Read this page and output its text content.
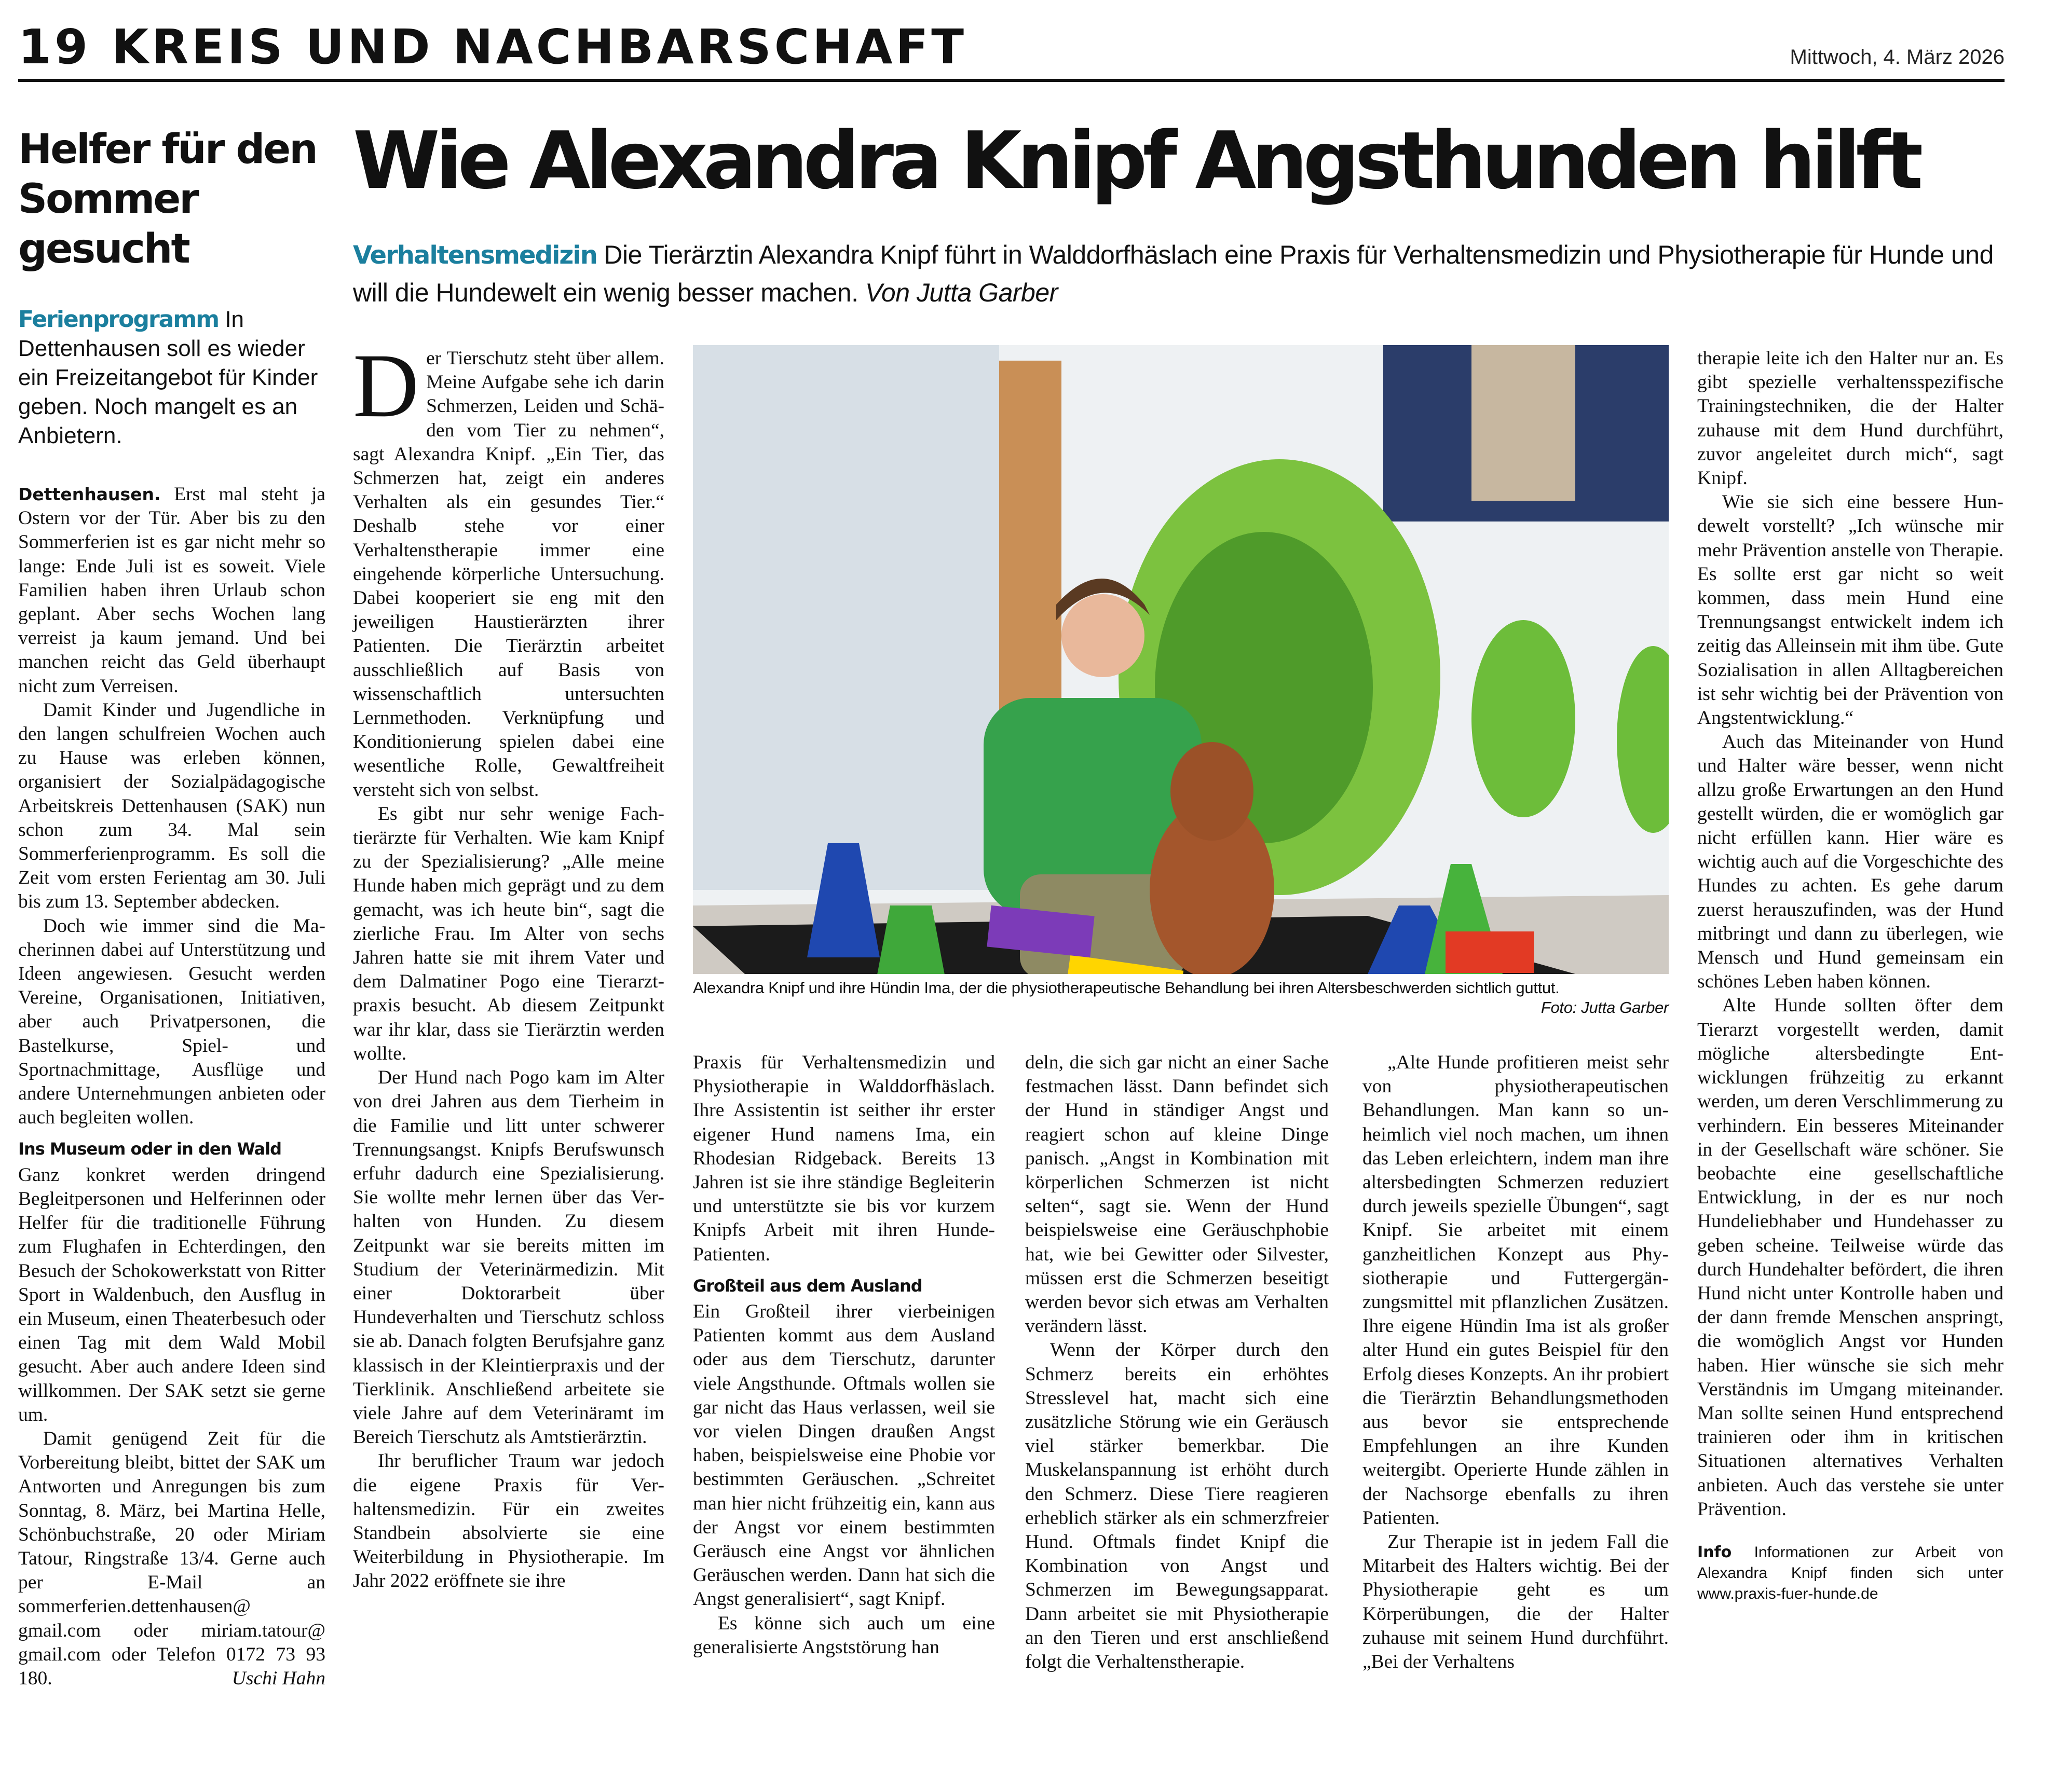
19 KREIS UND NACHBARSCHAFT	Mittwoch, 4. März 2026
Helfer für den Sommer gesucht
Ferienprogramm In Dettenhausen soll es wieder ein Freizeitangebot für Kinder geben. Noch mangelt es an Anbietern.

Dettenhausen. Erst mal steht ja Ostern vor der Tür. Aber bis zu den Sommerferien ist es gar nicht mehr so lange: Ende Juli ist es soweit. Viele Familien haben ihren Urlaub schon geplant. Aber sechs Wochen lang verreist ja kaum jemand. Und bei manchen reicht das Geld überhaupt nicht zum Verreisen.

Damit Kinder und Jugendliche in den langen schulfreien Wochen auch zu Hause was erleben können, organisiert der Sozialpädagogische Arbeitskreis Dettenhausen (SAK) nun schon zum 34. Mal sein Sommerferienprogramm. Es soll die Zeit vom ersten Ferientag am 30. Juli bis zum 13. September abdecken.

Doch wie immer sind die Macherinnen dabei auf Unterstützung und Ideen angewiesen. Gesucht werden Vereine, Organisationen, Initiativen, aber auch Privatpersonen, die Bastelkurse, Spiel- und Sportnachmittage, Ausflüge und andere Unternehmungen anbieten oder auch begleiten wollen.

Ins Museum oder in den Wald

Ganz konkret werden dringend Begleitpersonen und Helferinnen oder Helfer für die traditionelle Führung zum Flughafen in Echterdingen, den Besuch der Schokowerkstatt von Ritter Sport in Waldenbuch, den Ausflug in ein Museum, einen Theaterbesuch oder einen Tag mit dem Wald Mobil gesucht. Aber auch andere Ideen sind willkommen. Der SAK setzt sie gerne um.

Damit genügend Zeit für die Vorbereitung bleibt, bittet der SAK um Antworten und Anregungen bis zum Sonntag, 8. März, bei Martina Helle, Schönbuchstraße, 20 oder Miriam Tatour, Ringstraße 13/4. Gerne auch per E-Mail an sommerferien.dettenhausen@ gmail.com oder miriam.tatour@ gmail.com oder Telefon 0172 73 93 180.	Uschi Hahn

Wie Alexandra Knipf Angsthunden hilft
Verhaltensmedizin Die Tierärztin Alexandra Knipf führt in Walddorfhäslach eine Praxis für Verhaltensmedizin und Physiotherapie für Hunde und will die Hundewelt ein wenig besser machen. Von Jutta Garber

Der Tierschutz steht über allem. Meine Aufgabe sehe ich darin Schmerzen, Leiden und Schäden vom Tier zu nehmen“, sagt Alexandra Knipf. „Ein Tier, das Schmerzen hat, zeigt ein anderes Verhalten als ein gesundes Tier.“ Deshalb stehe vor einer Verhaltenstherapie immer eine eingehende körperliche Untersuchung. Dabei kooperiert sie eng mit den jeweiligen Haustierärzten ihrer Patienten. Die Tierärztin arbeitet ausschließlich auf Basis von wissenschaftlich untersuchten Lernmethoden. Verknüpfung und Konditionierung spielen dabei eine wesentliche Rolle, Gewaltfreiheit versteht sich von selbst.

Es gibt nur sehr wenige Fachtierärzte für Verhalten. Wie kam Knipf zu der Spezialisierung? „Alle meine Hunde haben mich geprägt und zu dem gemacht, was ich heute bin“, sagt die zierliche Frau. Im Alter von sechs Jahren hatte sie mit ihrem Vater und dem Dalmatiner Pogo eine Tierarztpraxis besucht. Ab diesem Zeitpunkt war ihr klar, dass sie Tierärztin werden wollte.

Der Hund nach Pogo kam im Alter von drei Jahren aus dem Tierheim in die Familie und litt unter schwerer Trennungsangst. Knipfs Berufswunsch erfuhr dadurch eine Spezialisierung. Sie wollte mehr lernen über das Verhalten von Hunden. Zu diesem Zeitpunkt war sie bereits mitten im Studium der Veterinärmedizin. Mit einer Doktorarbeit über Hundeverhalten und Tierschutz schloss sie ab. Danach folgten Berufsjahre ganz klassisch in der Kleintierpraxis und der Tierklinik. Anschließend arbeitete sie viele Jahre auf dem Veterinäramt im Bereich Tierschutz als Amtstierärztin.

Ihr beruflicher Traum war jedoch die eigene Praxis für Verhaltensmedizin. Für ein zweites Standbein absolvierte sie eine Weiterbildung in Physiotherapie. Im Jahr 2022 eröffnete sie ihre

Alexandra Knipf und ihre Hündin Ima, der die physiotherapeutische Behandlung bei ihren Altersbeschwerden sichtlich guttut.
Foto: Jutta Garber

Praxis für Verhaltensmedizin und Physiotherapie in Walddorfhäslach. Ihre Assistentin ist seither ihr erster eigener Hund namens Ima, ein Rhodesian Ridgeback. Bereits 13 Jahren ist sie ihre ständige Begleiterin und unterstützte sie bis vor kurzem Knipfs Arbeit mit ihren Hunde-Patienten.

Großteil aus dem Ausland

Ein Großteil ihrer vierbeinigen Patienten kommt aus dem Ausland oder aus dem Tierschutz, darunter viele Angsthunde. Oftmals wollen sie gar nicht das Haus verlassen, weil sie vor vielen Dingen draußen Angst haben, beispielsweise eine Phobie vor bestimmten Geräuschen. „Schreitet man hier nicht frühzeitig ein, kann aus der Angst vor einem bestimmten Geräusch eine Angst vor ähnlichen Geräuschen werden. Dann hat sich die Angst generalisiert“, sagt Knipf.

Es könne sich auch um eine generalisierte Angststörung han

deln, die sich gar nicht an einer Sache festmachen lässt. Dann befindet sich der Hund in ständiger Angst und reagiert schon auf kleine Dinge panisch. „Angst in Kombination mit körperlichen Schmerzen ist nicht selten“, sagt sie. Wenn der Hund beispielsweise eine Geräuschphobie hat, wie bei Gewitter oder Silvester, müssen erst die Schmerzen beseitigt werden bevor sich etwas am Verhalten verändern lässt.

Wenn der Körper durch den Schmerz bereits ein erhöhtes Stresslevel hat, macht sich eine zusätzliche Störung wie ein Geräusch viel stärker bemerkbar. Die Muskelanspannung ist erhöht durch den Schmerz. Diese Tiere reagieren erheblich stärker als ein schmerzfreier Hund. Oftmals findet Knipf die Kombination von Angst und Schmerzen im Bewegungsapparat. Dann arbeitet sie mit Physiotherapie an den Tieren und erst anschließend folgt die Verhaltenstherapie.

„Alte Hunde profitieren meist sehr von physiotherapeutischen Behandlungen. Man kann so unheimlich viel noch machen, um ihnen das Leben erleichtern, indem man ihre altersbedingten Schmerzen reduziert durch jeweils spezielle Übungen“, sagt Knipf. Sie arbeitet mit einem ganzheitlichen Konzept aus Physiotherapie und Futtergergänzungsmittel mit pflanzlichen Zusätzen. Ihre eigene Hündin Ima ist als großer alter Hund ein gutes Beispiel für den Erfolg dieses Konzepts. An ihr probiert die Tierärztin Behandlungsmethoden aus bevor sie entsprechende Empfehlungen an ihre Kunden weitergibt. Operierte Hunde zählen in der Nachsorge ebenfalls zu ihren Patienten.

Zur Therapie ist in jedem Fall die Mitarbeit des Halters wichtig. Bei der Physiotherapie geht es um Körperübungen, die der Halter zuhause mit seinem Hund durchführt. „Bei der Verhaltens

therapie leite ich den Halter nur an. Es gibt spezielle verhaltensspezifische Trainingstechniken, die der Halter zuhause mit dem Hund durchführt, zuvor angeleitet durch mich“, sagt Knipf.

Wie sie sich eine bessere Hundewelt vorstellt? „Ich wünsche mir mehr Prävention anstelle von Therapie. Es sollte erst gar nicht so weit kommen, dass mein Hund eine Trennungsangst entwickelt indem ich zeitig das Alleinsein mit ihm übe. Gute Sozialisation in allen Alltagbereichen ist sehr wichtig bei der Prävention von Angstentwicklung.“

Auch das Miteinander von Hund und Halter wäre besser, wenn nicht allzu große Erwartungen an den Hund gestellt würden, die er womöglich gar nicht erfüllen kann. Hier wäre es wichtig auch auf die Vorgeschichte des Hundes zu achten. Es gehe darum zuerst herauszufinden, was der Hund mitbringt und dann zu überlegen, wie Mensch und Hund gemeinsam ein schönes Leben haben können.

Alte Hunde sollten öfter dem Tierarzt vorgestellt werden, damit mögliche altersbedingte Entwicklungen frühzeitig zu erkannt werden, um deren Verschlimmerung zu verhindern. Ein besseres Miteinander in der Gesellschaft wäre schöner. Sie beobachte eine gesellschaftliche Entwicklung, in der es nur noch Hundeliebhaber und Hundehasser zu geben scheine. Teilweise würde das durch Hundehalter befördert, die ihren Hund nicht unter Kontrolle haben und der dann fremde Menschen anspringt, die womöglich Angst vor Hunden haben. Hier wünsche sie sich mehr Verständnis im Umgang miteinander. Man sollte seinen Hund entsprechend trainieren oder ihm in kritischen Situationen alternatives Verhalten anbieten. Auch das verstehe sie unter Prävention.

Info Informationen zur Arbeit von Alexandra Knipf finden sich unter www.praxis-fuer-hunde.de
